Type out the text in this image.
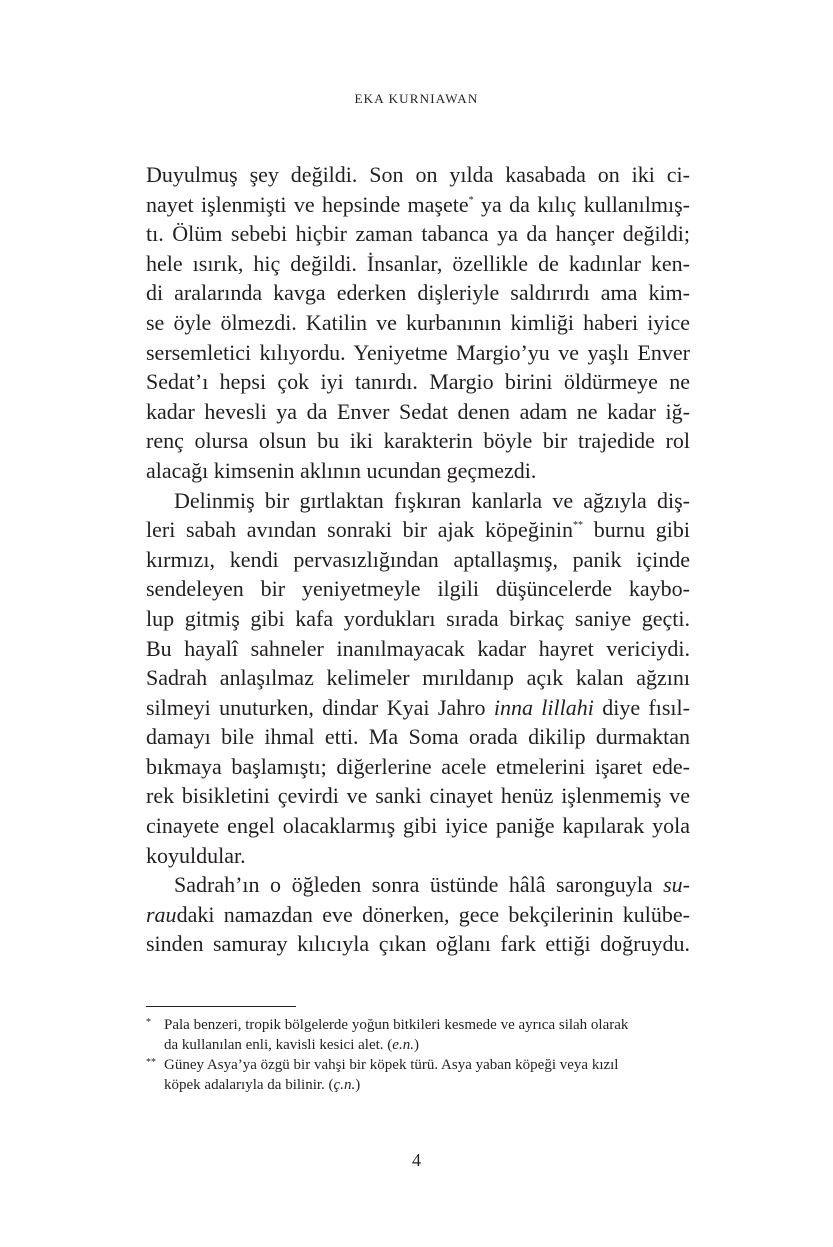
EKA KURNIAWAN
Duyulmuş şey değildi. Son on yılda kasabada on iki ci-
nayet işlenmişti ve hepsinde maşete* ya da kılıç kullanılmış-
tı. Ölüm sebebi hiçbir zaman tabanca ya da hançer değildi;
hele ısırık, hiç değildi. İnsanlar, özellikle de kadınlar ken-
di aralarında kavga ederken dişleriyle saldırırdı ama kim-
se öyle ölmezdi. Katilin ve kurbanının kimliği haberi iyice
sersemletici kılıyordu. Yeniyetme Margio’yu ve yaşlı Enver
Sedat’ı hepsi çok iyi tanırdı. Margio birini öldürmeye ne
kadar hevesli ya da Enver Sedat denen adam ne kadar iğ-
renç olursa olsun bu iki karakterin böyle bir trajedide rol
alacağı kimsenin aklının ucundan geçmezdi.
Delinmiş bir gırtlaktan fışkıran kanlarla ve ağzıyla diş-
leri sabah avından sonraki bir ajak köpeğinin** burnu gibi
kırmızı, kendi pervasızlığından aptallaşmış, panik içinde
sendeleyen bir yeniyetmeyle ilgili düşüncelerde kaybo-
lup gitmiş gibi kafa yordukları sırada birkaç saniye geçti.
Bu hayalî sahneler inanılmayacak kadar hayret vericiydi.
Sadrah anlaşılmaz kelimeler mırıldanıp açık kalan ağzını
silmeyi unuturken, dindar Kyai Jahro inna lillahi diye fısıl-
damayı bile ihmal etti. Ma Soma orada dikilip durmaktan
bıkmaya başlamıştı; diğerlerine acele etmelerini işaret ede-
rek bisikletini çevirdi ve sanki cinayet henüz işlenmemiş ve
cinayete engel olacaklarmış gibi iyice paniğe kapılarak yola
koyuldular.
Sadrah’ın o öğleden sonra üstünde hâlâ saronguyla su-
raudaki namazdan eve dönerken, gece bekçilerinin kulübe-
sinden samuray kılıcıyla çıkan oğlanı fark ettiği doğruydu.
* Pala benzeri, tropik bölgelerde yoğun bitkileri kesmede ve ayrıca silah olarak
da kullanılan enli, kavisli kesici alet. (e.n.)
** Güney Asya’ya özgü bir vahşi bir köpek türü. Asya yaban köpeği veya kızıl
köpek adalarıyla da bilinir. (ç.n.)
4
